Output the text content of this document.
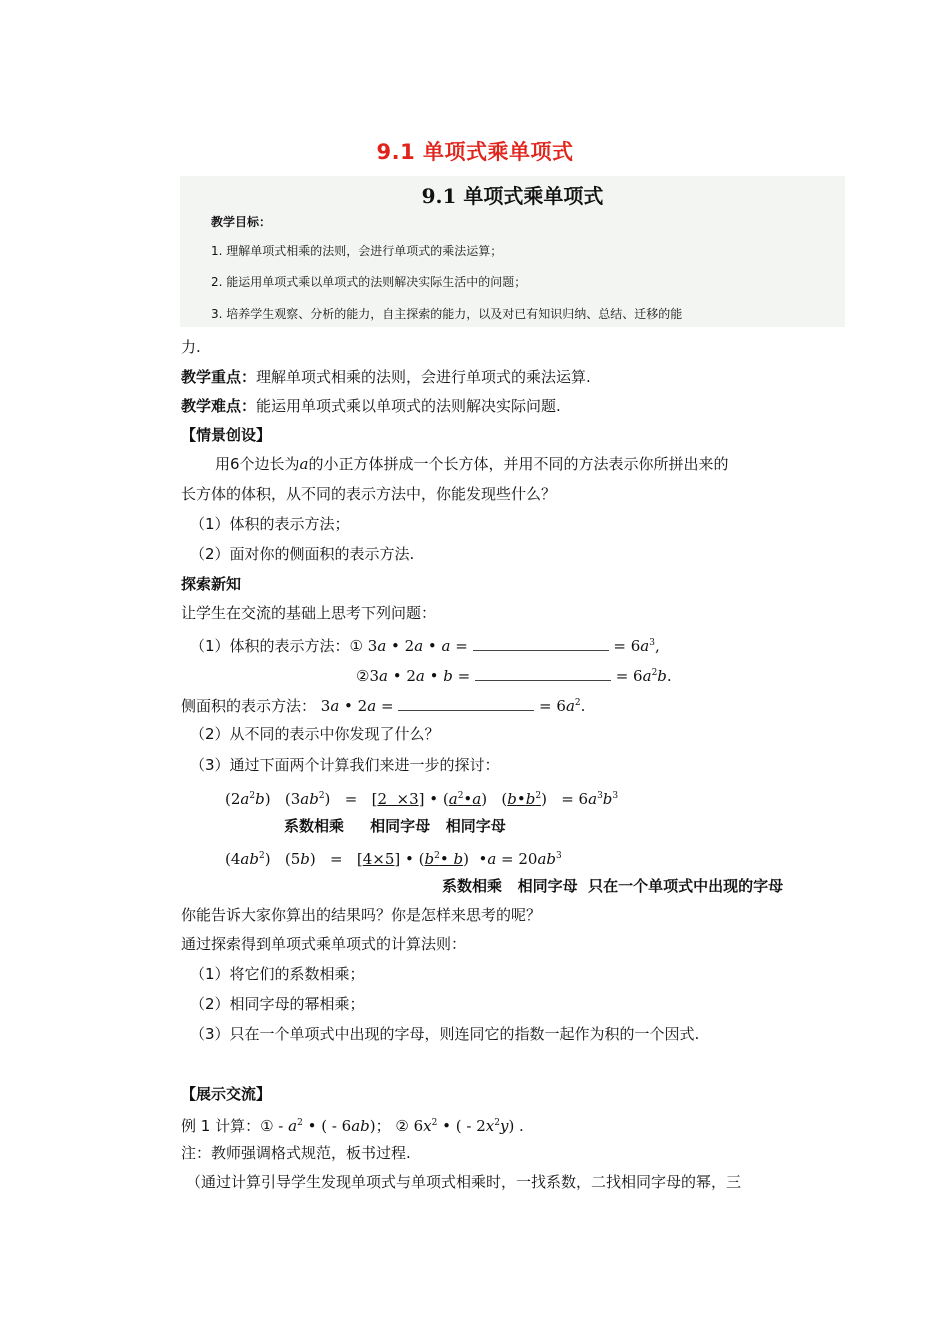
9.1 单项式乘单项式
9.1 单项式乘单项式
教学目标：
1. 理解单项式相乘的法则，会进行单项式的乘法运算；
2. 能运用单项式乘以单项式的法则解决实际生活中的问题；
3. 培养学生观察、分析的能力，自主探索的能力，以及对已有知识归纳、总结、迁移的能
力.
教学重点：理解单项式相乘的法则，会进行单项式的乘法运算.
教学难点：能运用单项式乘以单项式的法则解决实际问题.
【情景创设】
用6个边长为a的小正方体拼成一个长方体，并用不同的方法表示你所拼出来的
长方体的体积，从不同的表示方法中，你能发现些什么？
（1）体积的表示方法；
（2）面对你的侧面积的表示方法.
探索新知
让学生在交流的基础上思考下列问题：
（1）体积的表示方法：① 3a • 2a • a =	= $6a^3$,
②3a • 2a • b =	= $6a^2b$.
侧面积的表示方法： 3a • 2a =	= $6a^2$.
（2）从不同的表示中你发现了什么？
（3）通过下面两个计算我们来进一步的探讨：
$(2a^2b) (3ab^2) = [2 \times 3]$ • $(a^2•a)$   $(b•b^2) = 6a^3b^3$
系数相乘     相同字母   相同字母
$(4ab^2) (5b) = [4\times 5]$ • ($b^2•$ b)  •a = $20ab^3$
系数相乘   相同字母  只在一个单项式中出现的字母
你能告诉大家你算出的结果吗？你是怎样来思考的呢？
通过探索得到单项式乘单项式的计算法则：
（1）将它们的系数相乘；
（2）相同字母的幂相乘；
（3）只在一个单项式中出现的字母，则连同它的指数一起作为积的一个因式.
【展示交流】
例 1 计算：① - $a^2$ • ( - 6ab)； ② $6x^2$ • ( - $2x^2y$) .
注：教师强调格式规范，板书过程.
（通过计算引导学生发现单项式与单项式相乘时，一找系数，二找相同字母的幂，三
